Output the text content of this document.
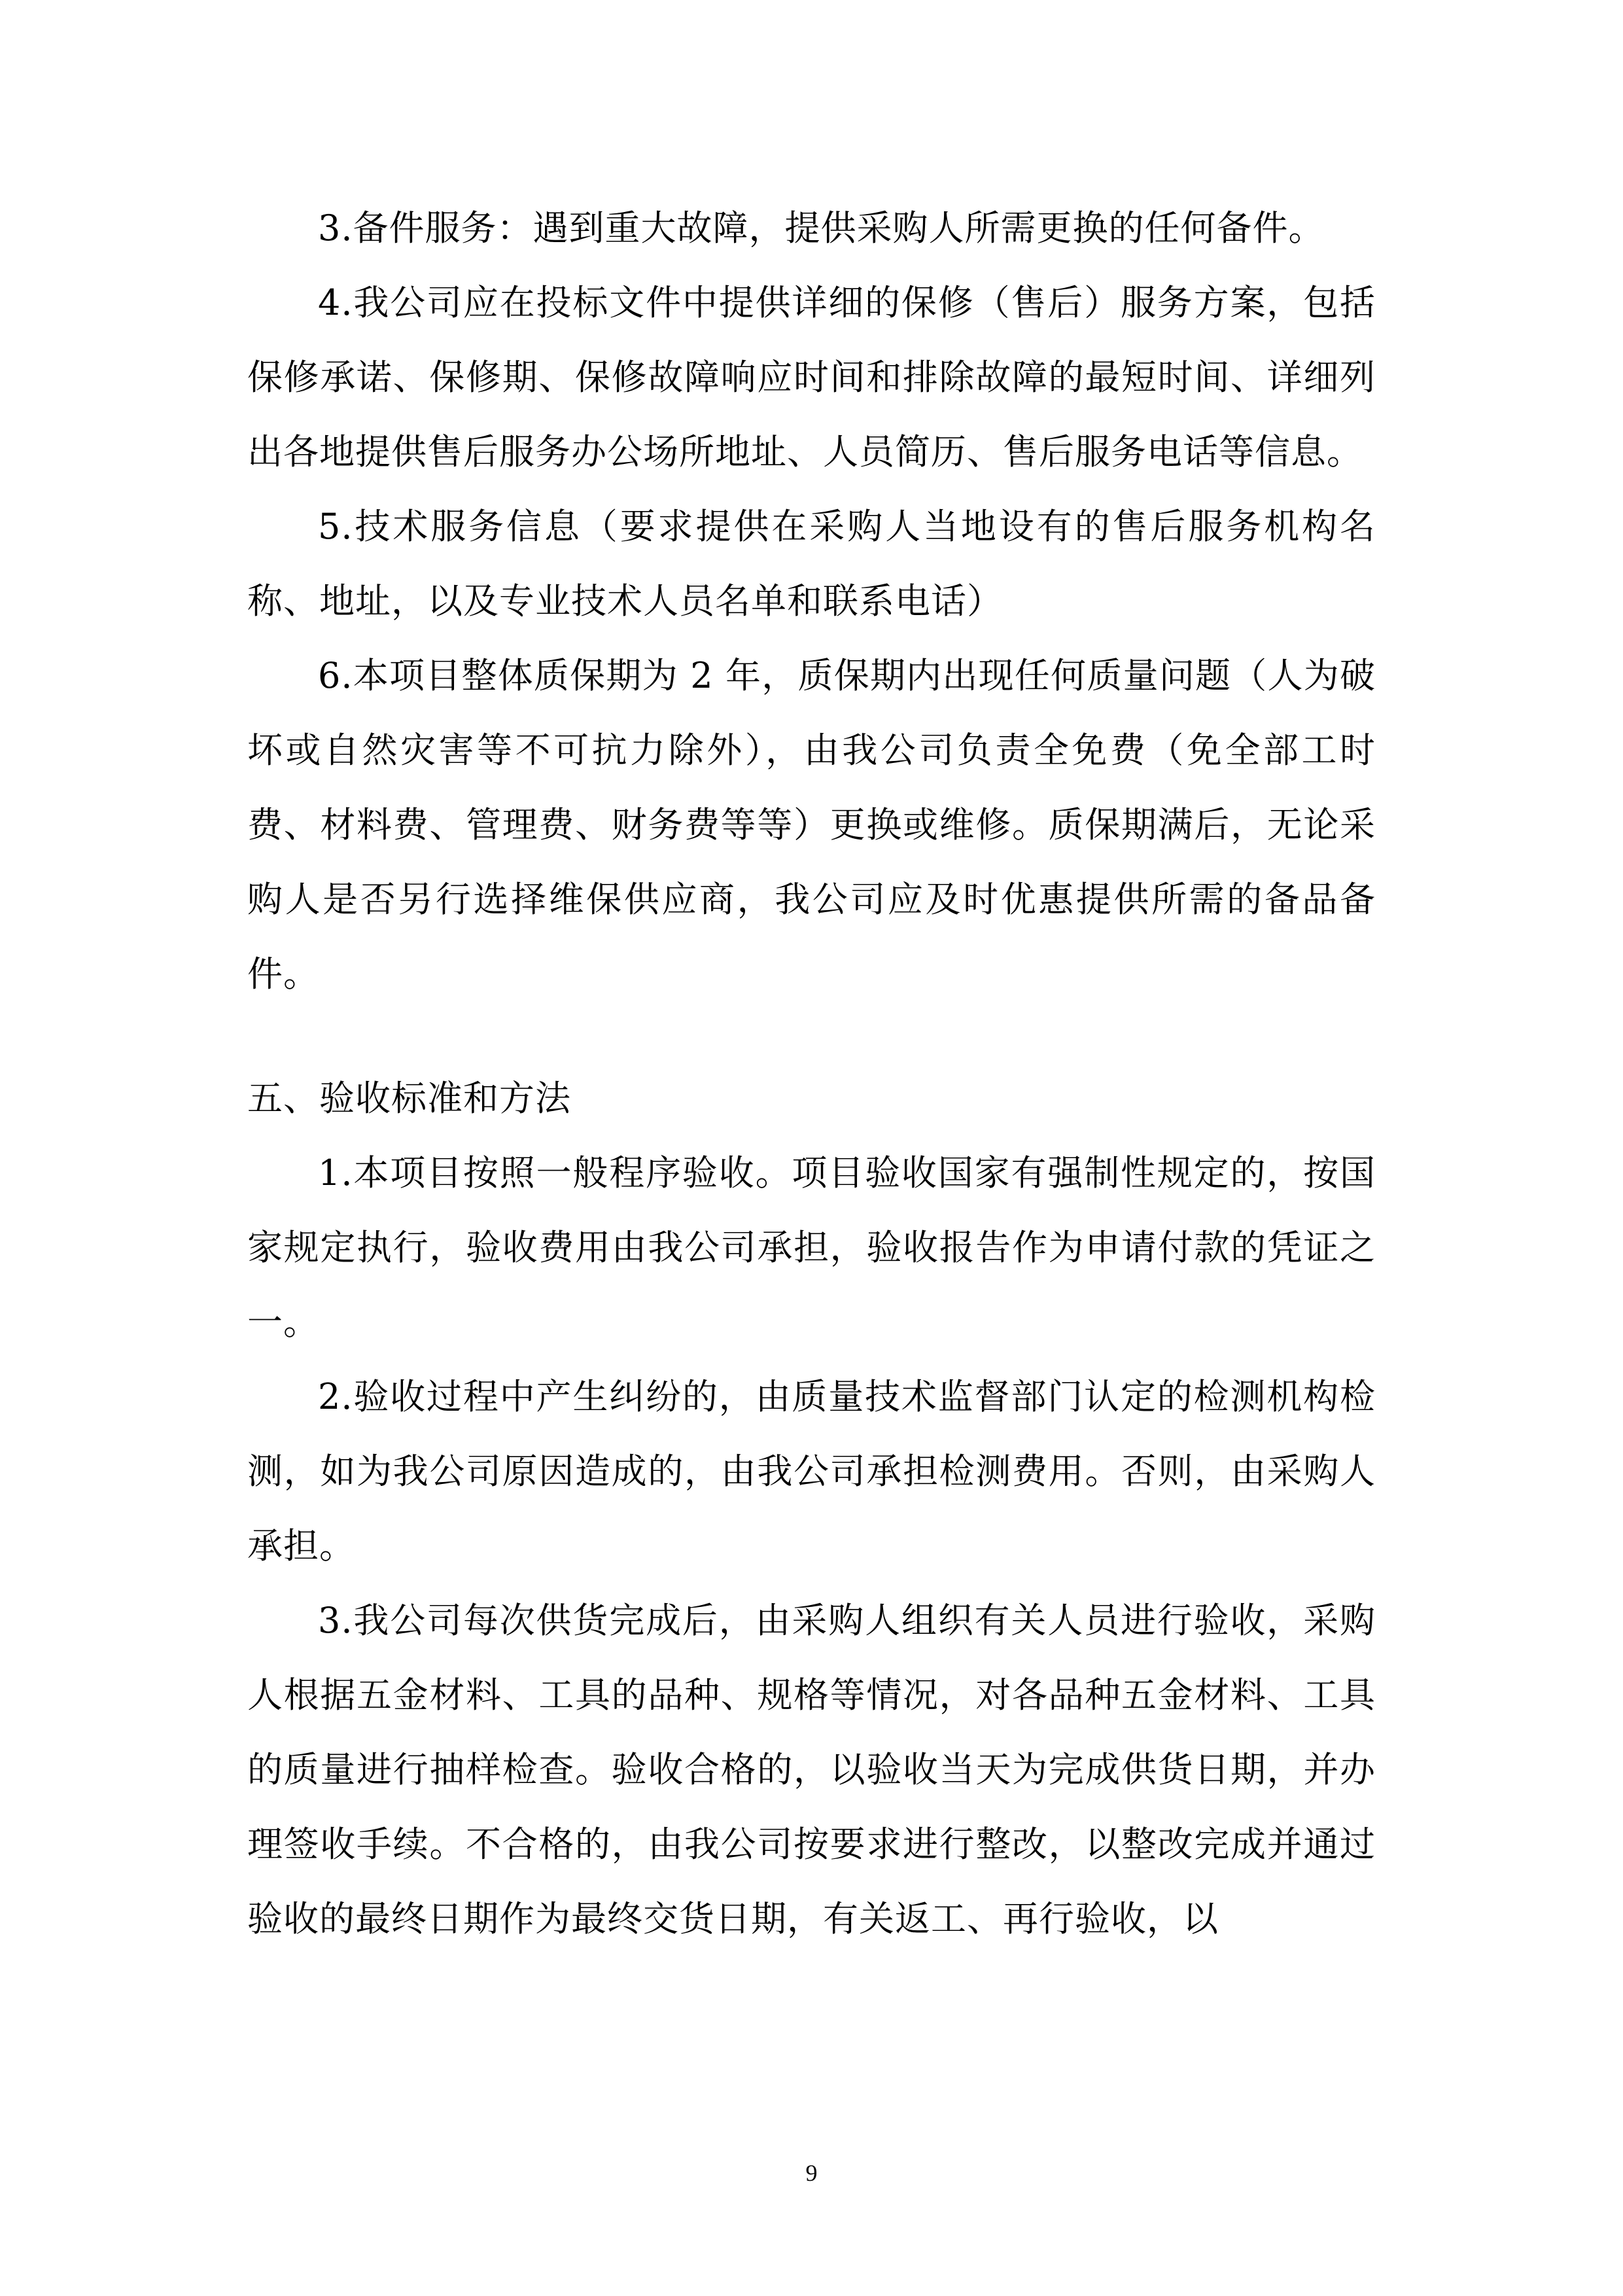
3.备件服务：遇到重大故障，提供采购人所需更换的任何备件。

4.我公司应在投标文件中提供详细的保修（售后）服务方案，包括保修承诺、保修期、保修故障响应时间和排除故障的最短时间、详细列出各地提供售后服务办公场所地址、人员简历、售后服务电话等信息。

5.技术服务信息（要求提供在采购人当地设有的售后服务机构名称、地址，以及专业技术人员名单和联系电话）

6.本项目整体质保期为 2 年，质保期内出现任何质量问题（人为破坏或自然灾害等不可抗力除外），由我公司负责全免费（免全部工时费、材料费、管理费、财务费等等）更换或维修。质保期满后，无论采购人是否另行选择维保供应商，我公司应及时优惠提供所需的备品备件。

五、验收标准和方法

1.本项目按照一般程序验收。项目验收国家有强制性规定的，按国家规定执行，验收费用由我公司承担，验收报告作为申请付款的凭证之一。

2.验收过程中产生纠纷的，由质量技术监督部门认定的检测机构检测，如为我公司原因造成的，由我公司承担检测费用。否则，由采购人承担。

3.我公司每次供货完成后，由采购人组织有关人员进行验收，采购人根据五金材料、工具的品种、规格等情况，对各品种五金材料、工具的质量进行抽样检查。验收合格的，以验收当天为完成供货日期，并办理签收手续。不合格的，由我公司按要求进行整改，以整改完成并通过验收的最终日期作为最终交货日期，有关返工、再行验收，以

9
